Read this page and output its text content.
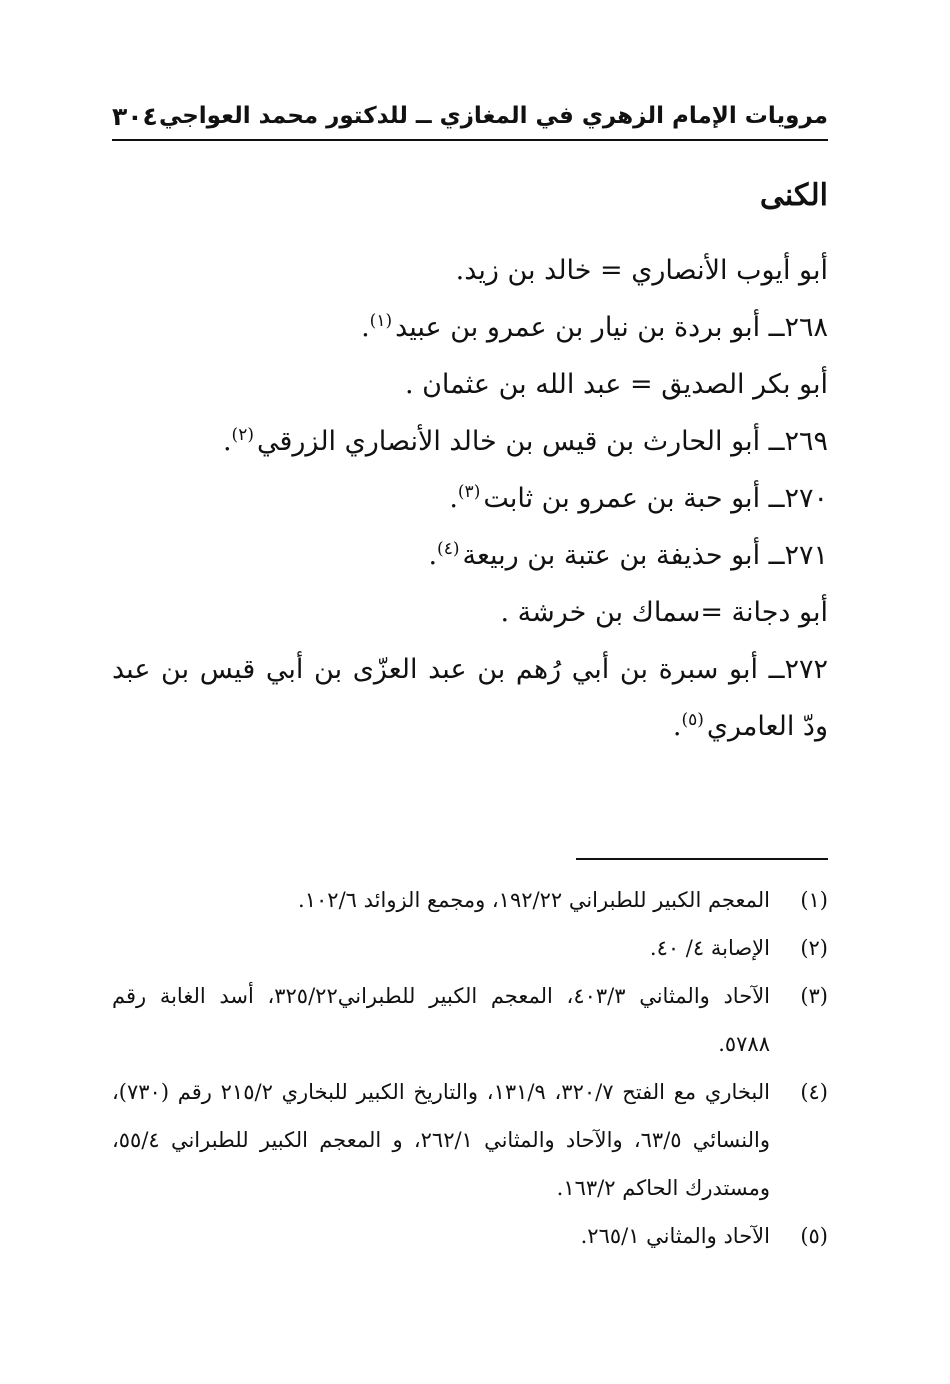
مرويات الإمام الزهري في المغازي ــ للدكتور محمد العواجي
٣٠٤
الكنى
أبو أيوب الأنصاري = خالد بن زيد.
٢٦٨ــ أبو بردة بن نيار بن عمرو بن عبيد$^{(١)}$.
أبو بكر الصديق = عبد الله بن عثمان .
٢٦٩ــ أبو الحارث بن قيس بن خالد الأنصاري الزرقي$^{(٢)}$.
٢٧٠ــ أبو حبة بن عمرو بن ثابت$^{(٣)}$.
٢٧١ــ أبو حذيفة بن عتبة بن ربيعة$^{(٤)}$.
أبو دجانة =سماك بن خرشة .
٢٧٢ــ أبو سبرة بن أبي رُهم بن عبد العزّى بن أبي قيس بن عبد ودّ العامري$^{(٥)}$.
(١)
المعجم الكبير للطبراني ١٩٢/٢٢، ومجمع الزوائد ١٠٢/٦.
(٢)
الإصابة ٤/ ٤٠.
(٣)
الآحاد والمثاني ٤٠٣/٣، المعجم الكبير للطبراني٣٢٥/٢٢، أسد الغابة رقم ٥٧٨٨.
(٤)
البخاري مع الفتح ٣٢٠/٧، ١٣١/٩، والتاريخ الكبير للبخاري ٢١٥/٢ رقم (٧٣٠)، والنسائي ٦٣/٥، والآحاد والمثاني ٢٦٢/١، و المعجم الكبير للطبراني ٥٥/٤، ومستدرك الحاكم ١٦٣/٢.
(٥)
الآحاد والمثاني ٢٦٥/١.
